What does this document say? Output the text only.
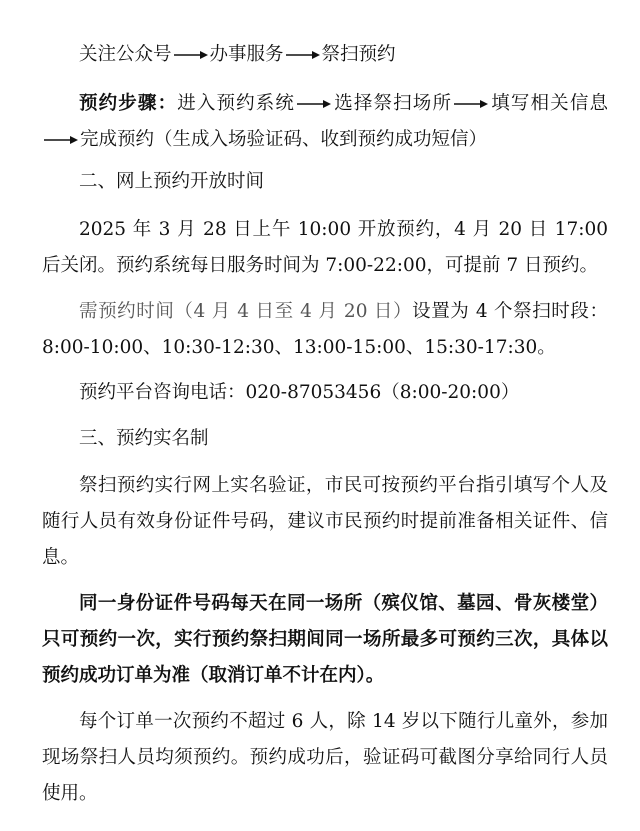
关注公众号 办事服务 祭扫预约

预约步骤：进入预约系统 选择祭扫场所 填写相关信息
完成预约（生成入场验证码、收到预约成功短信）

二、网上预约开放时间

2025 年 3 月 28 日上午 10:00 开放预约，4 月 20 日 17:00 后关闭。预约系统每日服务时间为 7:00-22:00，可提前 7 日预约。

需预约时间（4 月 4 日至 4 月 20 日）设置为 4 个祭扫时段：8:00-10:00、10:30-12:30、13:00-15:00、15:30-17:30。

预约平台咨询电话：020-87053456（8:00-20:00）

三、预约实名制

祭扫预约实行网上实名验证，市民可按预约平台指引填写个人及随行人员有效身份证件号码，建议市民预约时提前准备相关证件、信息。

同一身份证件号码每天在同一场所（殡仪馆、墓园、骨灰楼堂）只可预约一次，实行预约祭扫期间同一场所最多可预约三次，具体以预约成功订单为准（取消订单不计在内）。

每个订单一次预约不超过 6 人，除 14 岁以下随行儿童外，参加现场祭扫人员均须预约。预约成功后，验证码可截图分享给同行人员使用。
